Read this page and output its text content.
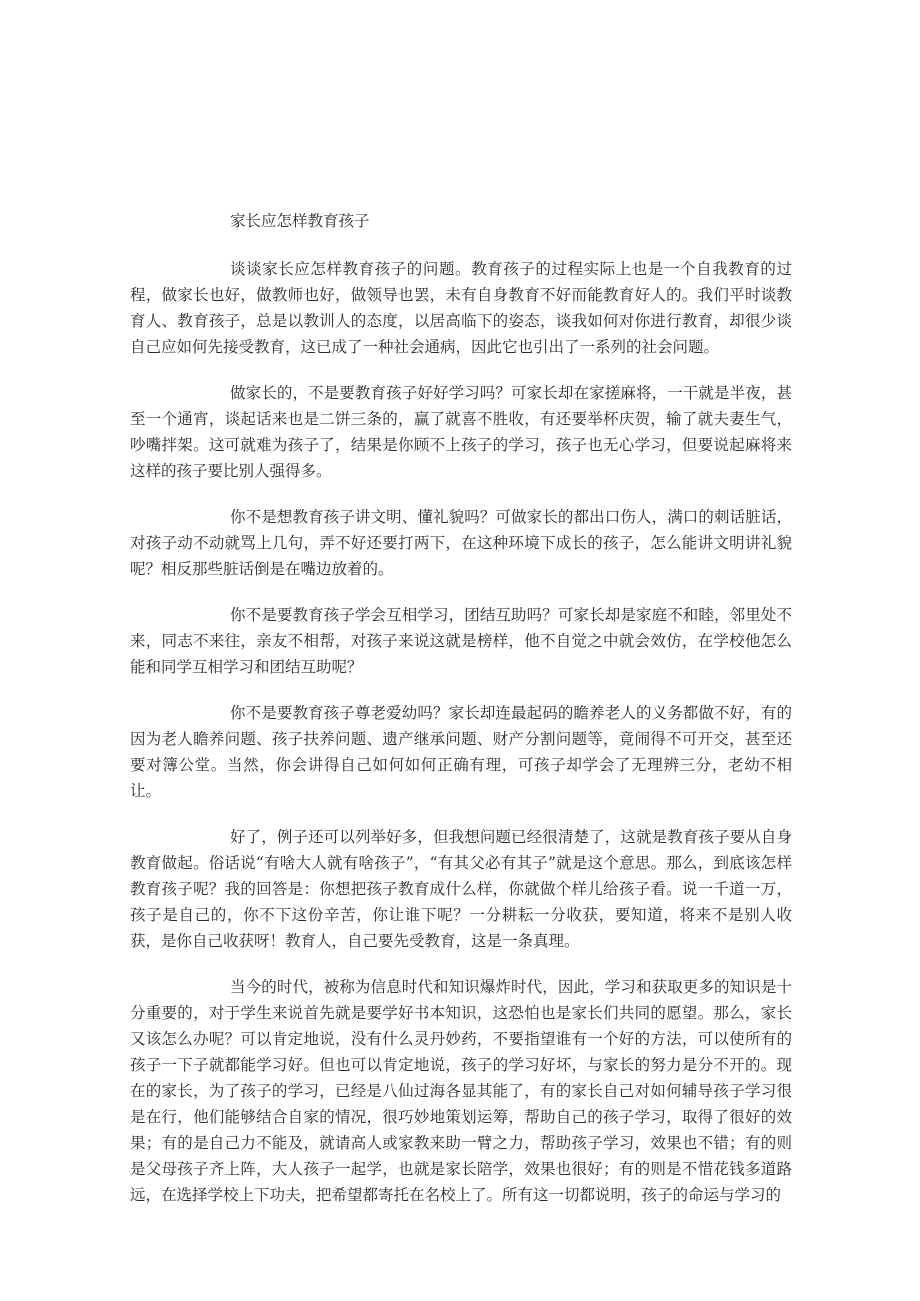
家长应怎样教育孩子

谈谈家长应怎样教育孩子的问题。教育孩子的过程实际上也是一个自我教育的过程，做家长也好，做教师也好，做领导也罢，未有自身教育不好而能教育好人的。我们平时谈教育人、教育孩子，总是以教训人的态度，以居高临下的姿态，谈我如何对你进行教育，却很少谈自己应如何先接受教育，这已成了一种社会通病，因此它也引出了一系列的社会问题。

做家长的，不是要教育孩子好好学习吗？可家长却在家搓麻将，一干就是半夜，甚至一个通宵，谈起话来也是二饼三条的，赢了就喜不胜收，有还要举杯庆贺，输了就夫妻生气，吵嘴拌架。这可就难为孩子了，结果是你顾不上孩子的学习，孩子也无心学习，但要说起麻将来这样的孩子要比别人强得多。

你不是想教育孩子讲文明、懂礼貌吗？可做家长的都出口伤人，满口的刺话脏话，对孩子动不动就骂上几句，弄不好还要打两下，在这种环境下成长的孩子，怎么能讲文明讲礼貌呢？相反那些脏话倒是在嘴边放着的。

你不是要教育孩子学会互相学习，团结互助吗？可家长却是家庭不和睦，邻里处不来，同志不来往，亲友不相帮，对孩子来说这就是榜样，他不自觉之中就会效仿，在学校他怎么能和同学互相学习和团结互助呢？

你不是要教育孩子尊老爱幼吗？家长却连最起码的瞻养老人的义务都做不好，有的因为老人瞻养问题、孩子扶养问题、遗产继承问题、财产分割问题等，竟闹得不可开交，甚至还要对簿公堂。当然，你会讲得自己如何如何正确有理，可孩子却学会了无理辨三分，老幼不相让。

好了，例子还可以列举好多，但我想问题已经很清楚了，这就是教育孩子要从自身教育做起。俗话说“有啥大人就有啥孩子”，“有其父必有其子”就是这个意思。那么，到底该怎样教育孩子呢？我的回答是：你想把孩子教育成什么样，你就做个样儿给孩子看。说一千道一万，孩子是自己的，你不下这份辛苦，你让谁下呢？一分耕耘一分收获，要知道，将来不是别人收获，是你自己收获呀！教育人，自己要先受教育，这是一条真理。

当今的时代，被称为信息时代和知识爆炸时代，因此，学习和获取更多的知识是十分重要的，对于学生来说首先就是要学好书本知识，这恐怕也是家长们共同的愿望。那么，家长又该怎么办呢？可以肯定地说，没有什么灵丹妙药，不要指望谁有一个好的方法，可以使所有的孩子一下子就都能学习好。但也可以肯定地说，孩子的学习好坏，与家长的努力是分不开的。现在的家长，为了孩子的学习，已经是八仙过海各显其能了，有的家长自己对如何辅导孩子学习很是在行，他们能够结合自家的情况，很巧妙地策划运筹，帮助自己的孩子学习，取得了很好的效果；有的是自己力不能及，就请高人或家教来助一臂之力，帮助孩子学习，效果也不错；有的则是父母孩子齐上阵，大人孩子一起学，也就是家长陪学，效果也很好；有的则是不惜花钱多道路远，在选择学校上下功夫，把希望都寄托在名校上了。所有这一切都说明，孩子的命运与学习的
